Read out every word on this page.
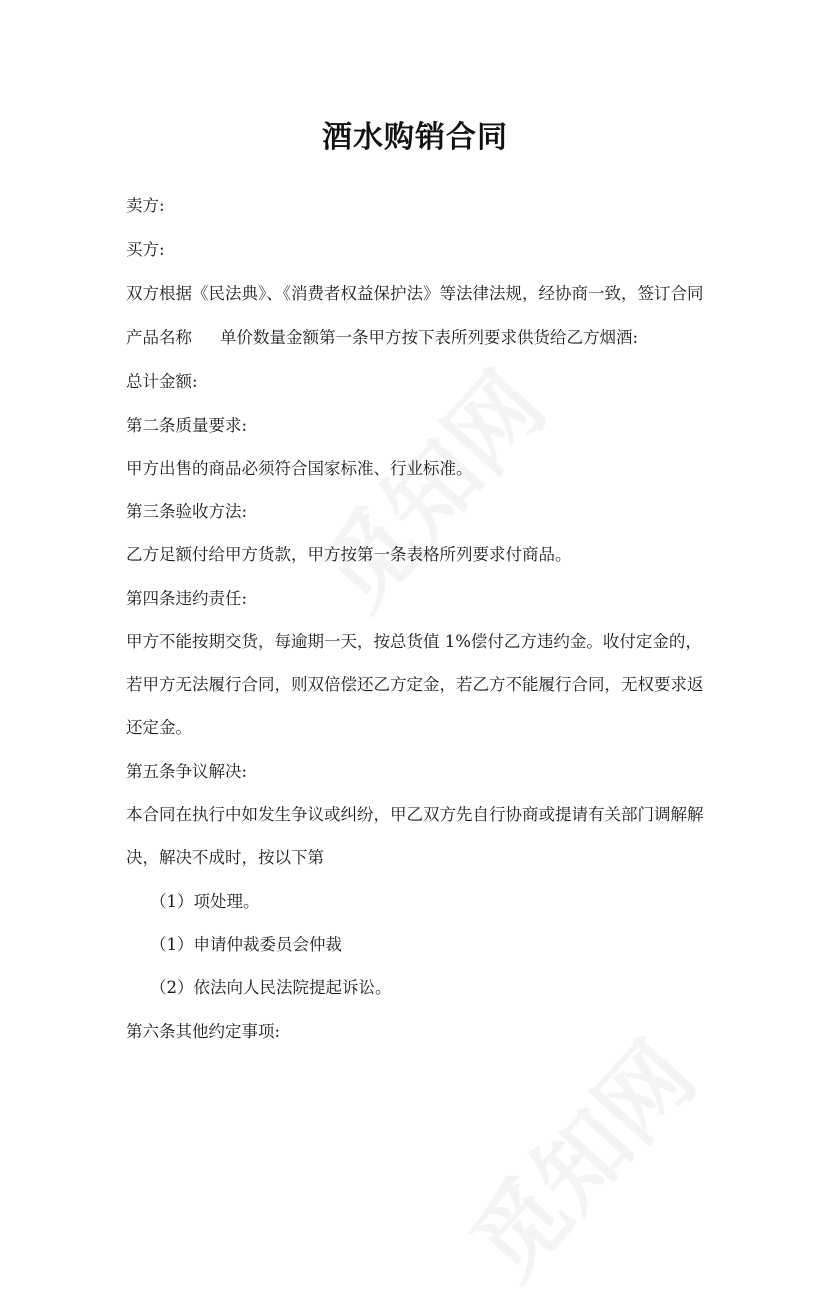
酒水购销合同
卖方:
买方:
双方根据《民法典》、《消费者权益保护法》等法律法规，经协商一致，签订合同
产品名称 单价数量金额第一条甲方按下表所列要求供货给乙方烟酒:
总计金额:
第二条质量要求:
甲方出售的商品必须符合国家标准、行业标准。
第三条验收方法:
乙方足额付给甲方货款，甲方按第一条表格所列要求付商品。
第四条违约责任:
甲方不能按期交货，每逾期一天，按总货值 1%偿付乙方违约金。收付定金的，
若甲方无法履行合同，则双倍偿还乙方定金，若乙方不能履行合同，无权要求返
还定金。
第五条争议解决:
本合同在执行中如发生争议或纠纷，甲乙双方先自行协商或提请有关部门调解解
决，解决不成时，按以下第
（1）项处理。
（1）申请仲裁委员会仲裁
（2）依法向人民法院提起诉讼。
第六条其他约定事项:
